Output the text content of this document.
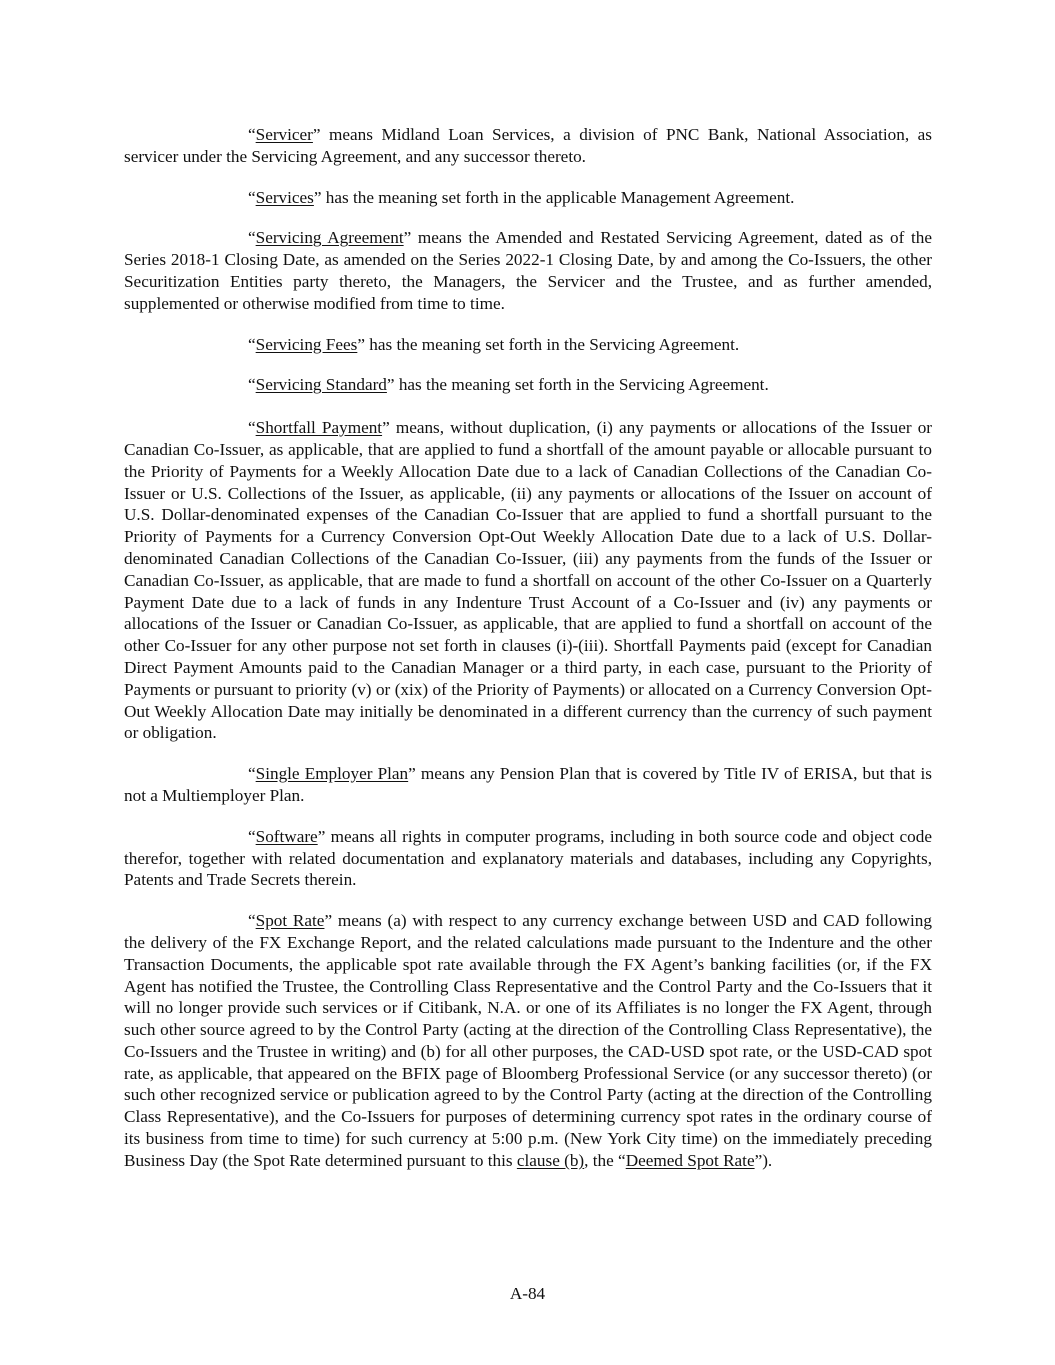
“Servicer” means Midland Loan Services, a division of PNC Bank, National Association, as servicer under the Servicing Agreement, and any successor thereto.

“Services” has the meaning set forth in the applicable Management Agreement.

“Servicing Agreement” means the Amended and Restated Servicing Agreement, dated as of the Series 2018-1 Closing Date, as amended on the Series 2022-1 Closing Date, by and among the Co-Issuers, the other Securitization Entities party thereto, the Managers, the Servicer and the Trustee, and as further amended, supplemented or otherwise modified from time to time.

“Servicing Fees” has the meaning set forth in the Servicing Agreement.

“Servicing Standard” has the meaning set forth in the Servicing Agreement.

“Shortfall Payment” means, without duplication, (i) any payments or allocations of the Issuer or Canadian Co-Issuer, as applicable, that are applied to fund a shortfall of the amount payable or allocable pursuant to the Priority of Payments for a Weekly Allocation Date due to a lack of Canadian Collections of the Canadian Co-Issuer or U.S. Collections of the Issuer, as applicable, (ii) any payments or allocations of the Issuer on account of U.S. Dollar-denominated expenses of the Canadian Co-Issuer that are applied to fund a shortfall pursuant to the Priority of Payments for a Currency Conversion Opt-Out Weekly Allocation Date due to a lack of U.S. Dollar-denominated Canadian Collections of the Canadian Co-Issuer, (iii) any payments from the funds of the Issuer or Canadian Co-Issuer, as applicable, that are made to fund a shortfall on account of the other Co-Issuer on a Quarterly Payment Date due to a lack of funds in any Indenture Trust Account of a Co-Issuer and (iv) any payments or allocations of the Issuer or Canadian Co-Issuer, as applicable, that are applied to fund a shortfall on account of the other Co-Issuer for any other purpose not set forth in clauses (i)-(iii). Shortfall Payments paid (except for Canadian Direct Payment Amounts paid to the Canadian Manager or a third party, in each case, pursuant to the Priority of Payments or pursuant to priority (v) or (xix) of the Priority of Payments) or allocated on a Currency Conversion Opt-Out Weekly Allocation Date may initially be denominated in a different currency than the currency of such payment or obligation.

“Single Employer Plan” means any Pension Plan that is covered by Title IV of ERISA, but that is not a Multiemployer Plan.

“Software” means all rights in computer programs, including in both source code and object code therefor, together with related documentation and explanatory materials and databases, including any Copyrights, Patents and Trade Secrets therein.

“Spot Rate” means (a) with respect to any currency exchange between USD and CAD following the delivery of the FX Exchange Report, and the related calculations made pursuant to the Indenture and the other Transaction Documents, the applicable spot rate available through the FX Agent’s banking facilities (or, if the FX Agent has notified the Trustee, the Controlling Class Representative and the Control Party and the Co-Issuers that it will no longer provide such services or if Citibank, N.A. or one of its Affiliates is no longer the FX Agent, through such other source agreed to by the Control Party (acting at the direction of the Controlling Class Representative), the Co-Issuers and the Trustee in writing) and (b) for all other purposes, the CAD-USD spot rate, or the USD-CAD spot rate, as applicable, that appeared on the BFIX page of Bloomberg Professional Service (or any successor thereto) (or such other recognized service or publication agreed to by the Control Party (acting at the direction of the Controlling Class Representative), and the Co-Issuers for purposes of determining currency spot rates in the ordinary course of its business from time to time) for such currency at 5:00 p.m. (New York City time) on the immediately preceding Business Day (the Spot Rate determined pursuant to this clause (b), the “Deemed Spot Rate”).

A-84
